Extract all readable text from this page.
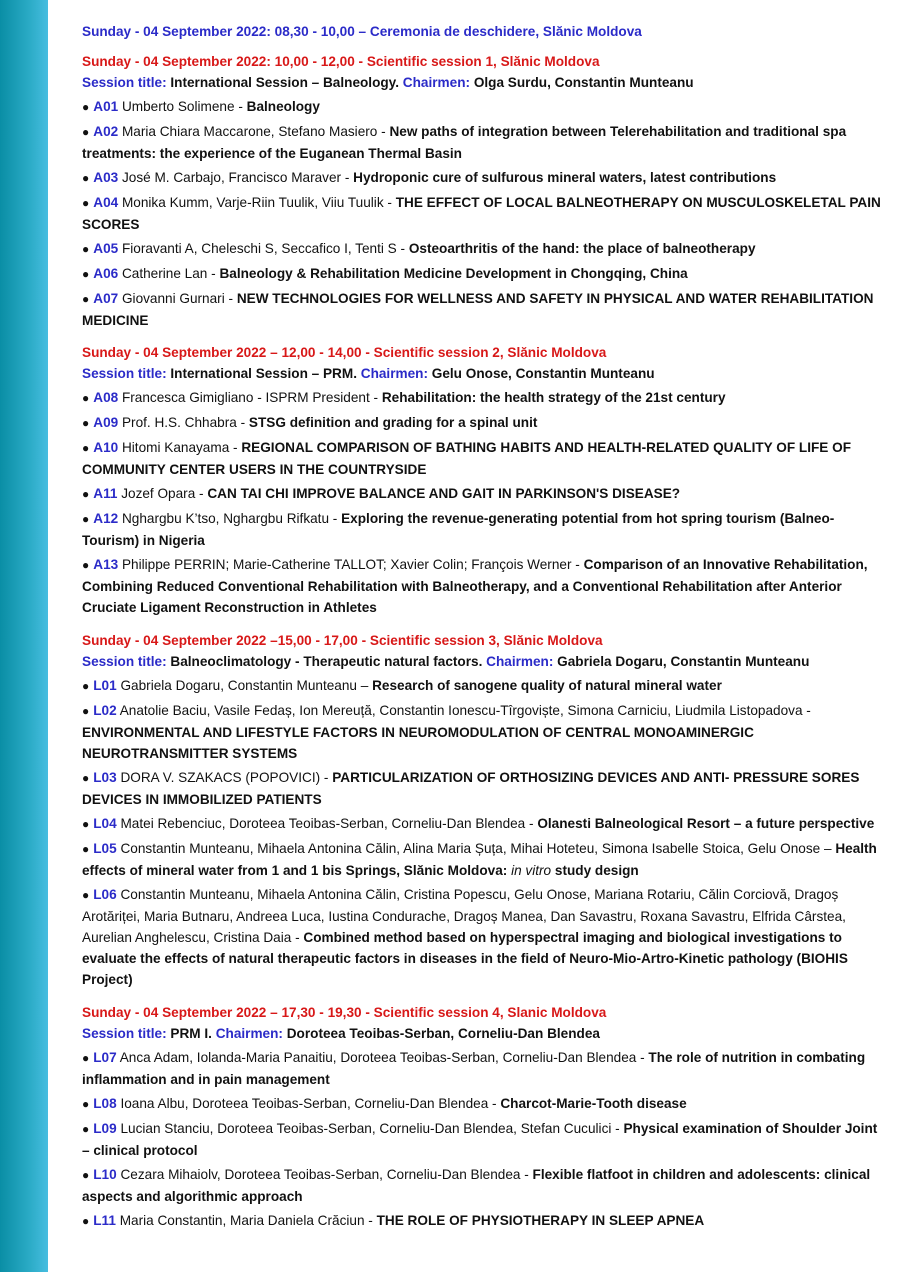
Sunday - 04 September 2022: 08,30 - 10,00 – Ceremonia de deschidere, Slănic Moldova
Sunday - 04 September 2022: 10,00 - 12,00 - Scientific session 1, Slănic Moldova
Session title: International Session – Balneology. Chairmen: Olga Surdu, Constantin Munteanu
● A01 Umberto Solimene - Balneology
● A02 Maria Chiara Maccarone, Stefano Masiero - New paths of integration between Telerehabilitation and traditional spa treatments: the experience of the Euganean Thermal Basin
● A03 José M. Carbajo, Francisco Maraver - Hydroponic cure of sulfurous mineral waters, latest contributions
● A04 Monika Kumm, Varje-Riin Tuulik, Viiu Tuulik - THE EFFECT OF LOCAL BALNEOTHERAPY ON MUSCULOSKELETAL PAIN SCORES
● A05 Fioravanti A, Cheleschi S, Seccafico I, Tenti S - Osteoarthritis of the hand: the place of balneotherapy
● A06 Catherine Lan - Balneology & Rehabilitation Medicine Development in Chongqing, China
● A07 Giovanni Gurnari - NEW TECHNOLOGIES FOR WELLNESS AND SAFETY IN PHYSICAL AND WATER REHABILITATION MEDICINE
Sunday - 04 September 2022 – 12,00 - 14,00 - Scientific session 2, Slănic Moldova
Session title: International Session – PRM. Chairmen: Gelu Onose, Constantin Munteanu
● A08 Francesca Gimigliano - ISPRM President - Rehabilitation: the health strategy of the 21st century
● A09 Prof. H.S. Chhabra - STSG definition and grading for a spinal unit
● A10 Hitomi Kanayama - REGIONAL COMPARISON OF BATHING HABITS AND HEALTH-RELATED QUALITY OF LIFE OF COMMUNITY CENTER USERS IN THE COUNTRYSIDE
● A11 Jozef Opara - CAN TAI CHI IMPROVE BALANCE AND GAIT IN PARKINSON'S DISEASE?
● A12 Nghargbu K’tso, Nghargbu Rifkatu - Exploring the revenue-generating potential from hot spring tourism (Balneo-Tourism) in Nigeria
● A13 Philippe PERRIN; Marie-Catherine TALLOT; Xavier Colin; François Werner - Comparison of an Innovative Rehabilitation, Combining Reduced Conventional Rehabilitation with Balneotherapy, and a Conventional Rehabilitation after Anterior Cruciate Ligament Reconstruction in Athletes
Sunday - 04 September 2022 –15,00 - 17,00 - Scientific session 3, Slănic Moldova
Session title: Balneoclimatology - Therapeutic natural factors. Chairmen: Gabriela Dogaru, Constantin Munteanu
● L01 Gabriela Dogaru, Constantin Munteanu – Research of sanogene quality of natural mineral water
● L02 Anatolie Baciu, Vasile Fedaș, Ion Mereuță, Constantin Ionescu-Tîrgoviște, Simona Carniciu, Liudmila Listopadova - ENVIRONMENTAL AND LIFESTYLE FACTORS IN NEUROMODULATION OF CENTRAL MONOAMINERGIC NEUROTRANSMITTER SYSTEMS
● L03 DORA V. SZAKACS (POPOVICI) - PARTICULARIZATION OF ORTHOSIZING DEVICES AND ANTI- PRESSURE SORES DEVICES IN IMMOBILIZED PATIENTS
● L04 Matei Rebenciuc, Doroteea Teoibas-Serban, Corneliu-Dan Blendea - Olanesti Balneological Resort – a future perspective
● L05 Constantin Munteanu, Mihaela Antonina Călin, Alina Maria Șuța, Mihai Hoteteu, Simona Isabelle Stoica, Gelu Onose – Health effects of mineral water from 1 and 1 bis Springs, Slănic Moldova: in vitro study design
● L06 Constantin Munteanu, Mihaela Antonina Călin, Cristina Popescu, Gelu Onose, Mariana Rotariu, Călin Corciovă, Dragoș Arotăriței, Maria Butnaru, Andreea Luca, Iustina Condurache, Dragoș Manea, Dan Savastru, Roxana Savastru, Elfrida Cârstea, Aurelian Anghelescu, Cristina Daia - Combined method based on hyperspectral imaging and biological investigations to evaluate the effects of natural therapeutic factors in diseases in the field of Neuro-Mio-Artro-Kinetic pathology (BIOHIS Project)
Sunday - 04 September 2022 – 17,30 - 19,30 - Scientific session 4, Slanic Moldova
Session title: PRM I. Chairmen: Doroteea Teoibas-Serban, Corneliu-Dan Blendea
● L07 Anca Adam, Iolanda-Maria Panaitiu, Doroteea Teoibas-Serban, Corneliu-Dan Blendea - The role of nutrition in combating inflammation and in pain management
● L08 Ioana Albu, Doroteea Teoibas-Serban, Corneliu-Dan Blendea - Charcot-Marie-Tooth disease
● L09 Lucian Stanciu, Doroteea Teoibas-Serban, Corneliu-Dan Blendea, Stefan Cuculici - Physical examination of Shoulder Joint – clinical protocol
● L10 Cezara Mihaiolv, Doroteea Teoibas-Serban, Corneliu-Dan Blendea - Flexible flatfoot in children and adolescents: clinical aspects and algorithmic approach
● L11 Maria Constantin, Maria Daniela Crăciun - THE ROLE OF PHYSIOTHERAPY IN SLEEP APNEA
